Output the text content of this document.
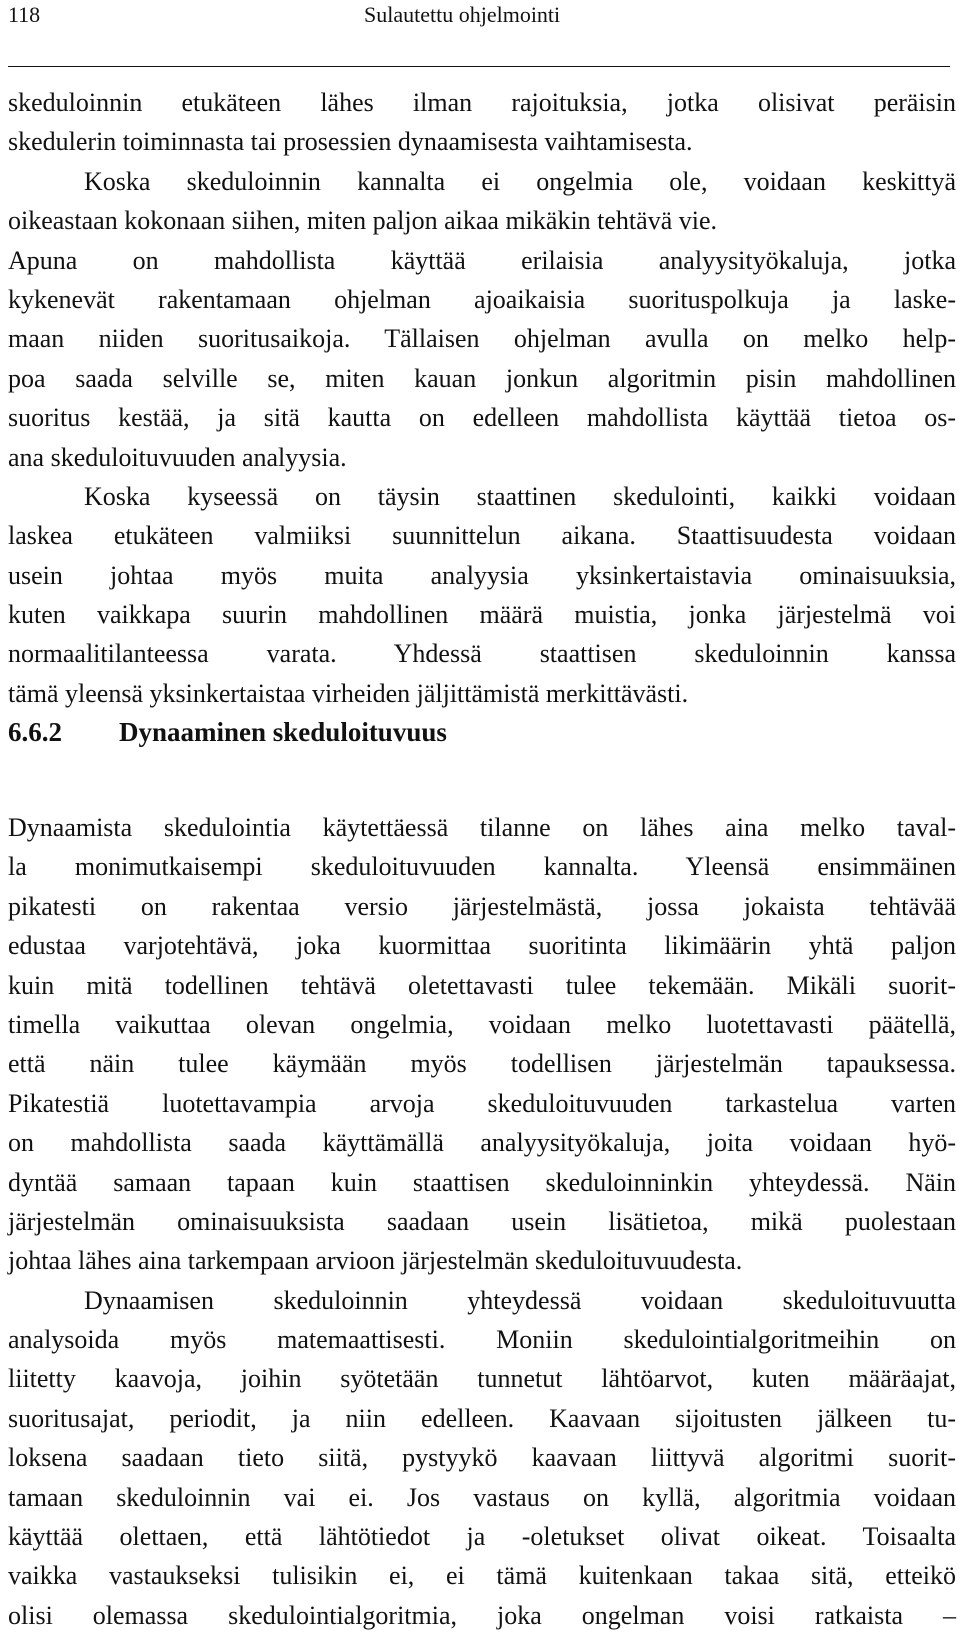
118	Sulautettu ohjelmointi
skeduloinnin etukäteen lähes ilman rajoituksia, jotka olisivat peräisin
skedulerin toiminnasta tai prosessien dynaamisesta vaihtamisesta.
Koska skeduloinnin kannalta ei ongelmia ole, voidaan keskittyä
oikeastaan kokonaan siihen, miten paljon aikaa mikäkin tehtävä vie.
Apuna on mahdollista käyttää erilaisia analyysityökaluja, jotka
kykenevät rakentamaan ohjelman ajoaikaisia suorituspolkuja ja laske-
maan niiden suoritusaikoja. Tällaisen ohjelman avulla on melko help-
poa saada selville se, miten kauan jonkun algoritmin pisin mahdollinen
suoritus kestää, ja sitä kautta on edelleen mahdollista käyttää tietoa os-
ana skeduloituvuuden analyysia.
Koska kyseessä on täysin staattinen skedulointi, kaikki voidaan
laskea etukäteen valmiiksi suunnittelun aikana. Staattisuudesta voidaan
usein johtaa myös muita analyysia yksinkertaistavia ominaisuuksia,
kuten vaikkapa suurin mahdollinen määrä muistia, jonka järjestelmä voi
normaalitilanteessa varata. Yhdessä staattisen skeduloinnin kanssa
tämä yleensä yksinkertaistaa virheiden jäljittämistä merkittävästi.
6.6.2 Dynaaminen skeduloituvuus
Dynaamista skedulointia käytettäessä tilanne on lähes aina melko taval-
la monimutkaisempi skeduloituvuuden kannalta. Yleensä ensimmäinen
pikatesti on rakentaa versio järjestelmästä, jossa jokaista tehtävää
edustaa varjotehtävä, joka kuormittaa suoritinta likimäärin yhtä paljon
kuin mitä todellinen tehtävä oletettavasti tulee tekemään. Mikäli suorit-
timella vaikuttaa olevan ongelmia, voidaan melko luotettavasti päätellä,
että näin tulee käymään myös todellisen järjestelmän tapauksessa.
Pikatestiä luotettavampia arvoja skeduloituvuuden tarkastelua varten
on mahdollista saada käyttämällä analyysityökaluja, joita voidaan hyö-
dyntää samaan tapaan kuin staattisen skeduloinninkin yhteydessä. Näin
järjestelmän ominaisuuksista saadaan usein lisätietoa, mikä puolestaan
johtaa lähes aina tarkempaan arvioon järjestelmän skeduloituvuudesta.
Dynaamisen skeduloinnin yhteydessä voidaan skeduloituvuutta
analysoida myös matemaattisesti. Moniin skedulointialgoritmeihin on
liitetty kaavoja, joihin syötetään tunnetut lähtöarvot, kuten määräajat,
suoritusajat, periodit, ja niin edelleen. Kaavaan sijoitusten jälkeen tu-
loksena saadaan tieto siitä, pystyykö kaavaan liittyvä algoritmi suorit-
tamaan skeduloinnin vai ei. Jos vastaus on kyllä, algoritmia voidaan
käyttää olettaen, että lähtötiedot ja -oletukset olivat oikeat. Toisaalta
vaikka vastaukseksi tulisikin ei, ei tämä kuitenkaan takaa sitä, etteikö
olisi olemassa skedulointialgoritmia, joka ongelman voisi ratkaista –
